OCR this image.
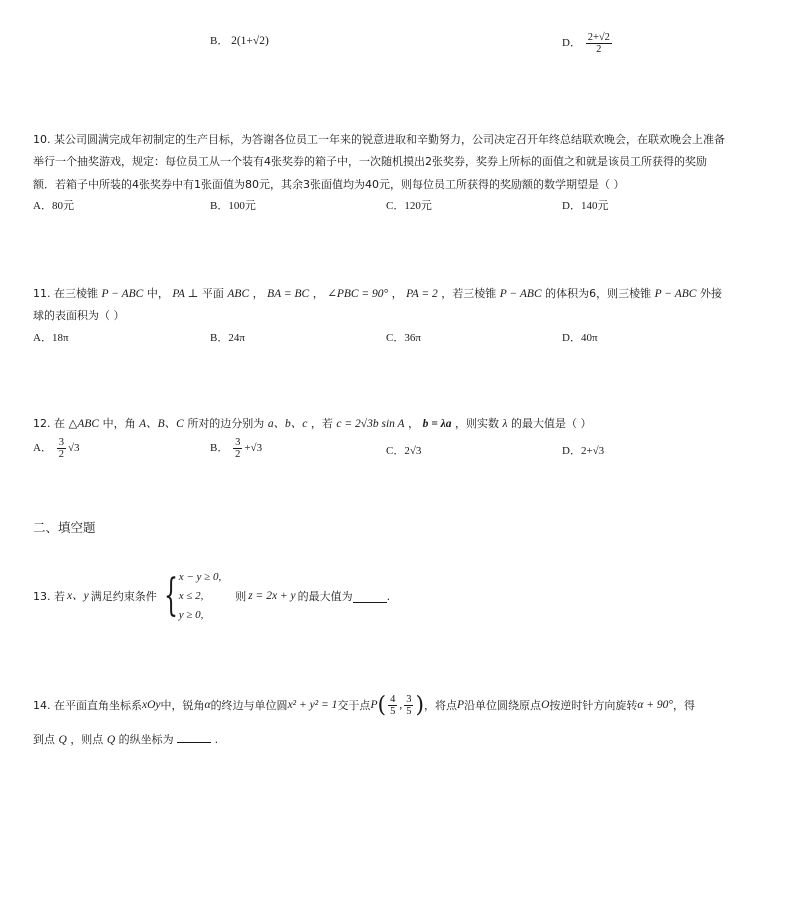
B． 2(1+√2)	D． $\frac{2+√2}{2}$
10. 某公司圆满完成年初制定的生产目标，为答谢各位员工一年来的锐意进取和辛勤努力，公司决定召开年终总结联欢晚会，在联欢晚会上准备
举行一个抽奖游戏，规定：每位员工从一个装有4张奖券的箱子中，一次随机摸出2张奖券，奖券上所标的面值之和就是该员工所获得的奖励
额．若箱子中所装的4张奖券中有1张面值为80元，其余3张面值均为40元，则每位员工所获得的奖励额的数学期望是（ ）
A．80元	B．100元	C．120元	D．140元
11. 在三棱锥 P − ABC 中， PA ⊥ 平面 ABC ， BA = BC ， ∠PBC = 90° ， PA = 2 ，若三棱锥 P − ABC 的体积为6，则三棱锥 P − ABC 外接
球的表面积为（ ）
A．18π	B．24π	C．36π	D．40π
12. 在 △ABC 中，角 A、B、C 所对的边分别为 a、b、c ，若 c = 2√3b sin A ， b = λa ，则实数 λ 的最大值是（ ）
A． $\frac{3}{2} √3$	B． $\frac{3}{2} +√3$	C．2√3	D．2+√3
二、填空题
13. 若 x、y 满足约束条件 { x − y ≥ 0,
x ≤ 2,
y ≥ 0,
则 z = 2x + y 的最大值为	.
14. 在平面直角坐标系 xOy 中，锐角 α 的终边与单位圆 x² + y² = 1 交于点 P ( $\frac{4}{5}$ , $\frac{3}{5}$ ) ，将点 P 沿单位圆绕原点 O 按逆时针方向旋转 α + 90° ，得
到点 Q ，则点 Q 的纵坐标为	.
